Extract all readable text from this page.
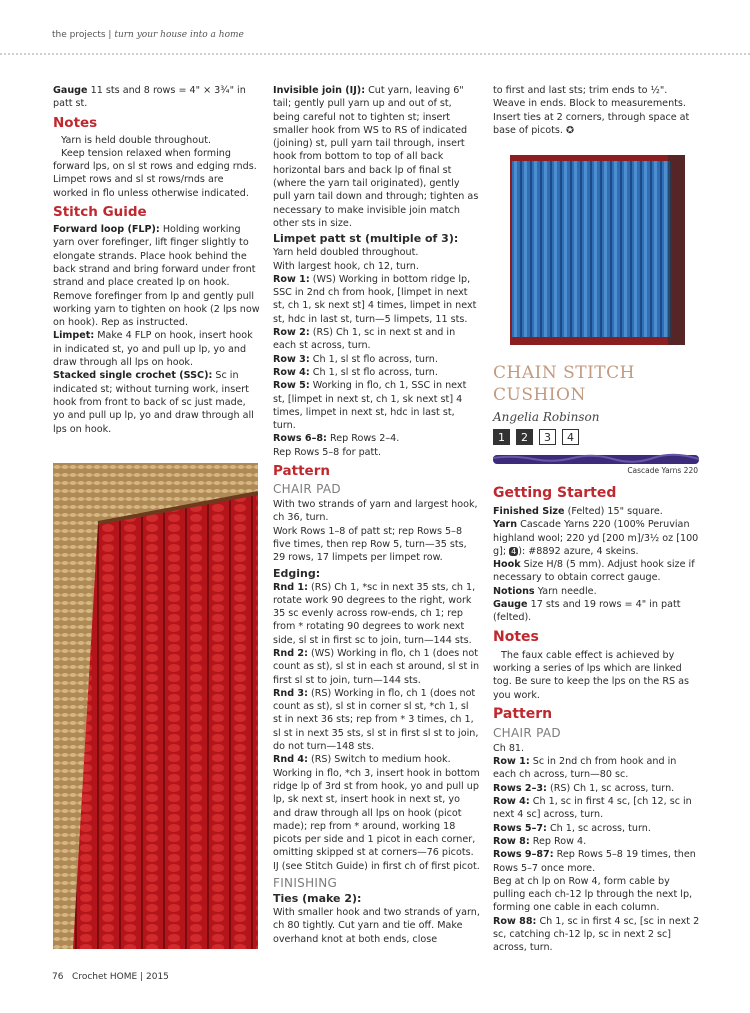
the projects | turn your house into a home

Gauge 11 sts and 8 rows = 4" × 3¾" in patt st.

Notes

Yarn is held double throughout.

Keep tension relaxed when forming forward lps, on sl st rows and edging rnds. Limpet rows and sl st rows/rnds are worked in flo unless otherwise indicated.

Stitch Guide

Forward loop (FLP): Holding working yarn over forefinger, lift finger slightly to elongate strands. Place hook behind the back strand and bring forward under front strand and place created lp on hook. Remove forefinger from lp and gently pull working yarn to tighten on hook (2 lps now on hook). Rep as instructed.

Limpet: Make 4 FLP on hook, insert hook in indicated st, yo and pull up lp, yo and draw through all lps on hook.

Stacked single crochet (SSC): Sc in indicated st; without turning work, insert hook from front to back of sc just made, yo and pull up lp, yo and draw through all lps on hook.

Invisible join (IJ): Cut yarn, leaving 6" tail; gently pull yarn up and out of st, being careful not to tighten st; insert smaller hook from WS to RS of indicated (joining) st, pull yarn tail through, insert hook from bottom to top of all back horizontal bars and back lp of final st (where the yarn tail originated), gently pull yarn tail down and through; tighten as necessary to make invisible join match other sts in size.

Limpet patt st (multiple of 3):

Yarn held doubled throughout.

With largest hook, ch 12, turn.

Row 1: (WS) Working in bottom ridge lp, SSC in 2nd ch from hook, [limpet in next st, ch 1, sk next st] 4 times, limpet in next st, hdc in last st, turn—5 limpets, 11 sts.

Row 2: (RS) Ch 1, sc in next st and in each st across, turn.

Row 3: Ch 1, sl st flo across, turn.

Row 4: Ch 1, sl st flo across, turn.

Row 5: Working in flo, ch 1, SSC in next st, [limpet in next st, ch 1, sk next st] 4 times, limpet in next st, hdc in last st, turn.

Rows 6–8: Rep Rows 2–4.

Rep Rows 5–8 for patt.

Pattern
CHAIR PAD

With two strands of yarn and largest hook, ch 36, turn.

Work Rows 1–8 of patt st; rep Rows 5–8 five times, then rep Row 5, turn—35 sts, 29 rows, 17 limpets per limpet row.

Edging:

Rnd 1: (RS) Ch 1, *sc in next 35 sts, ch 1, rotate work 90 degrees to the right, work 35 sc evenly across row-ends, ch 1; rep from * rotating 90 degrees to work next side, sl st in first sc to join, turn—144 sts.

Rnd 2: (WS) Working in flo, ch 1 (does not count as st), sl st in each st around, sl st in first sl st to join, turn—144 sts.

Rnd 3: (RS) Working in flo, ch 1 (does not count as st), sl st in corner sl st, *ch 1, sl st in next 36 sts; rep from * 3 times, ch 1, sl st in next 35 sts, sl st in first sl st to join, do not turn—148 sts.

Rnd 4: (RS) Switch to medium hook. Working in flo, *ch 3, insert hook in bottom ridge lp of 3rd st from hook, yo and pull up lp, sk next st, insert hook in next st, yo and draw through all lps on hook (picot made); rep from * around, working 18 picots per side and 1 picot in each corner, omitting skipped st at corners—76 picots. IJ (see Stitch Guide) in first ch of first picot.

FINISHING
Ties (make 2):

With smaller hook and two strands of yarn, ch 80 tightly. Cut yarn and tie off. Make overhand knot at both ends, close

to first and last sts; trim ends to ½". Weave in ends. Block to measurements. Insert ties at 2 corners, through space at base of picots. ✪

CHAIN STITCH
CUSHION
Angelia Robinson
1	2	3	4
Cascade Yarns 220
Getting Started

Finished Size (Felted) 15" square.

Yarn Cascade Yarns 220 (100% Peruvian highland wool; 220 yd [200 m]/3½ oz [100 g]; 4 ): #8892 azure, 4 skeins.

Hook Size H/8 (5 mm). Adjust hook size if necessary to obtain correct gauge.

Notions Yarn needle.

Gauge 17 sts and 19 rows = 4" in patt (felted).

Notes

The faux cable effect is achieved by working a series of lps which are linked tog. Be sure to keep the lps on the RS as you work.

Pattern
CHAIR PAD

Ch 81.

Row 1: Sc in 2nd ch from hook and in each ch across, turn—80 sc.

Rows 2–3: (RS) Ch 1, sc across, turn.

Row 4: Ch 1, sc in first 4 sc, [ch 12, sc in next 4 sc] across, turn.

Rows 5–7: Ch 1, sc across, turn.

Row 8: Rep Row 4.

Rows 9–87: Rep Rows 5–8 19 times, then Rows 5–7 once more.

Beg at ch lp on Row 4, form cable by pulling each ch-12 lp through the next lp, forming one cable in each column.

Row 88: Ch 1, sc in first 4 sc, [sc in next 2 sc, catching ch-12 lp, sc in next 2 sc] across, turn.

76 Crochet HOME | 2015
